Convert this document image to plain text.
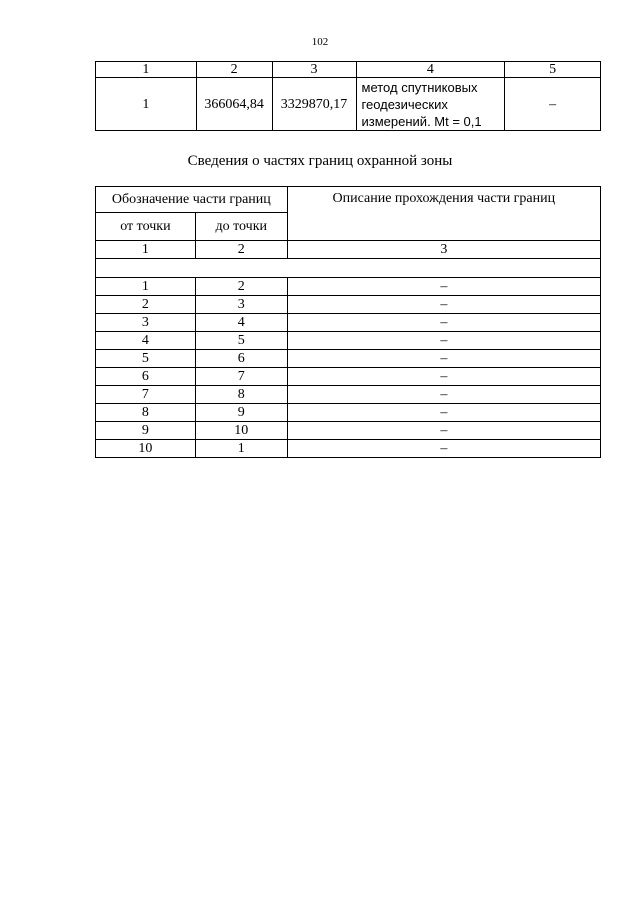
102
1	2	3	4	5
1	366064,84	3329870,17	метод спутниковых
геодезических
измерений. Mt = 0,1	–
Сведения о частях границ охранной зоны
Обозначение части границ		Описание прохождения части границ
от точки	до точки	
1	2	3

1	2	–
2	3	–
3	4	–
4	5	–
5	6	–
6	7	–
7	8	–
8	9	–
9	10	–
10	1	–
